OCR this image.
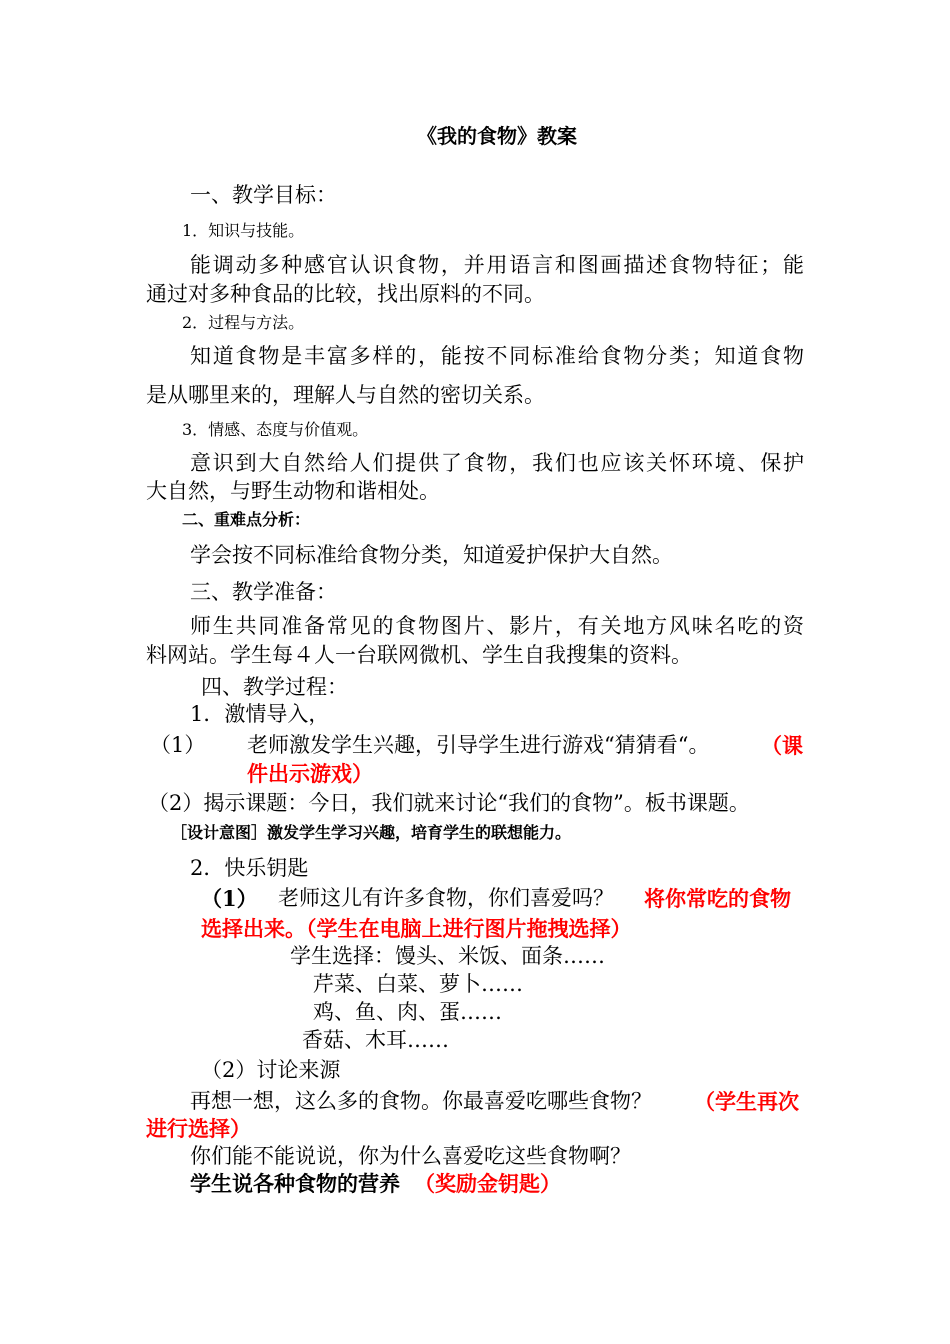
《我的食物》教案
一、教学目标：
1．知识与技能。
能调动多种感官认识食物，并用语言和图画描述食物特征；能
通过对多种食品的比较，找出原料的不同。
2．过程与方法。
知道食物是丰富多样的，能按不同标准给食物分类；知道食物
是从哪里来的，理解人与自然的密切关系。
3．情感、态度与价值观。
意识到大自然给人们提供了食物，我们也应该关怀环境、保护
大自然，与野生动物和谐相处。
二、重难点分析：
学会按不同标准给食物分类，知道爱护保护大自然。
三、教学准备：
师生共同准备常见的食物图片、影片，有关地方风味名吃的资
料网站。学生每４人一台联网微机、学生自我搜集的资料。
四、教学过程：
1．激情导入，
（1） 老师激发学生兴趣，引导学生进行游戏“猜猜看“。 （课
件出示游戏）
（2）揭示课题：今日，我们就来讨论“我们的食物”。板书课题。
［设计意图］激发学生学习兴趣，培育学生的联想能力。
2．快乐钥匙
（1） 老师这儿有许多食物，你们喜爱吗？ 将你常吃的食物
选择出来。（学生在电脑上进行图片拖拽选择）
学生选择：馒头、米饭、面条……
芹菜、白菜、萝卜……
鸡、鱼、肉、蛋……
香菇、木耳……
（2）讨论来源
再想一想，这么多的食物。你最喜爱吃哪些食物？ （学生再次
进行选择）
你们能不能说说，你为什么喜爱吃这些食物啊？
学生说各种食物的营养 （奖励金钥匙）
